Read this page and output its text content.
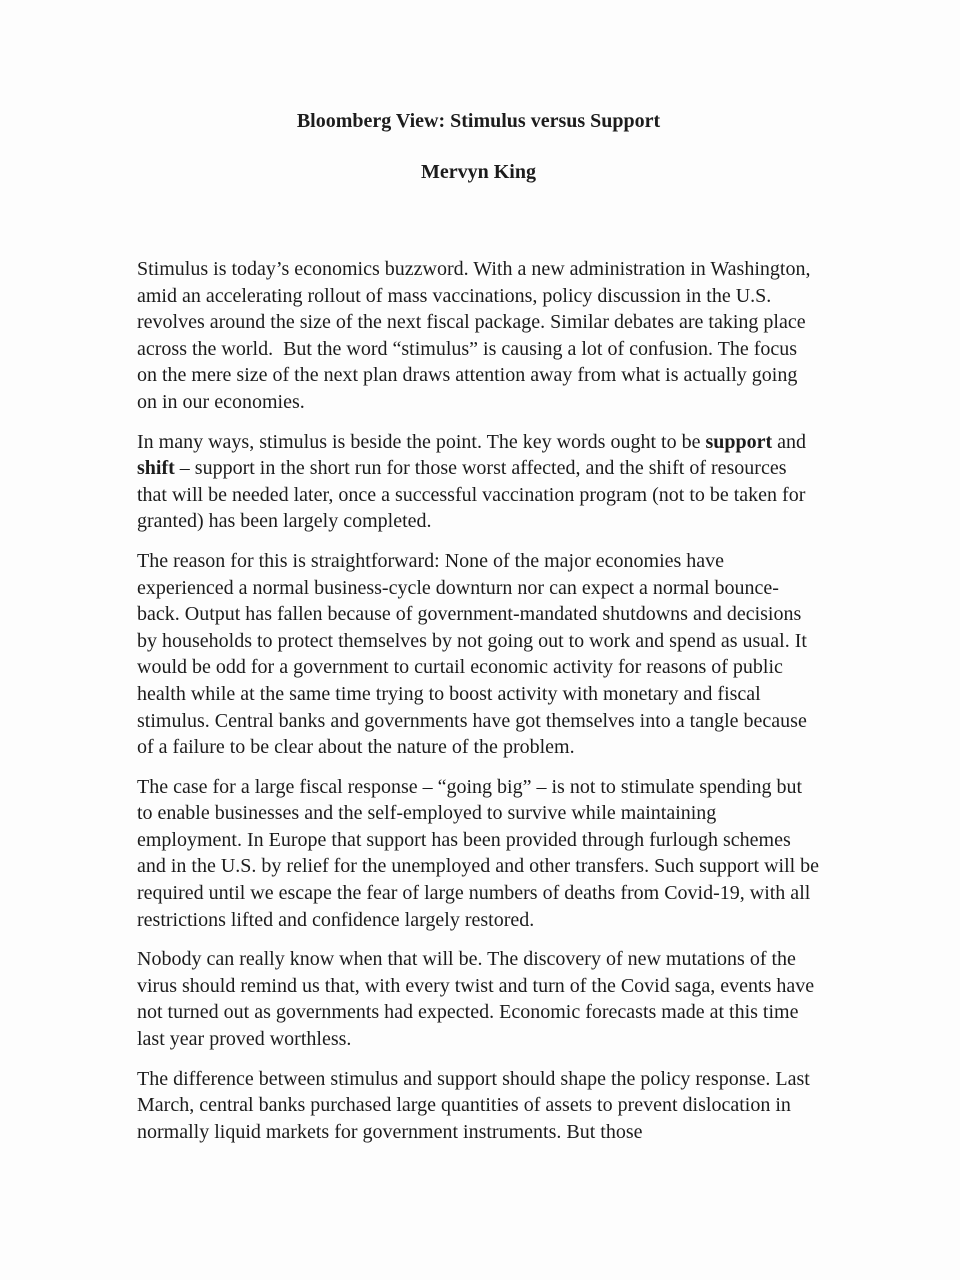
Bloomberg View: Stimulus versus Support
Mervyn King

Stimulus is today’s economics buzzword. With a new administration in Washington, amid an accelerating rollout of mass vaccinations, policy discussion in the U.S. revolves around the size of the next fiscal package. Similar debates are taking place across the world.  But the word “stimulus” is causing a lot of confusion. The focus on the mere size of the next plan draws attention away from what is actually going on in our economies.

In many ways, stimulus is beside the point. The key words ought to be support and shift – support in the short run for those worst affected, and the shift of resources that will be needed later, once a successful vaccination program (not to be taken for granted) has been largely completed.

The reason for this is straightforward: None of the major economies have experienced a normal business-cycle downturn nor can expect a normal bounce-back. Output has fallen because of government-mandated shutdowns and decisions by households to protect themselves by not going out to work and spend as usual. It would be odd for a government to curtail economic activity for reasons of public health while at the same time trying to boost activity with monetary and fiscal stimulus. Central banks and governments have got themselves into a tangle because of a failure to be clear about the nature of the problem.

The case for a large fiscal response – “going big” – is not to stimulate spending but to enable businesses and the self-employed to survive while maintaining employment. In Europe that support has been provided through furlough schemes and in the U.S. by relief for the unemployed and other transfers. Such support will be required until we escape the fear of large numbers of deaths from Covid-19, with all restrictions lifted and confidence largely restored.

Nobody can really know when that will be. The discovery of new mutations of the virus should remind us that, with every twist and turn of the Covid saga, events have not turned out as governments had expected. Economic forecasts made at this time last year proved worthless.

The difference between stimulus and support should shape the policy response. Last March, central banks purchased large quantities of assets to prevent dislocation in normally liquid markets for government instruments. But those
